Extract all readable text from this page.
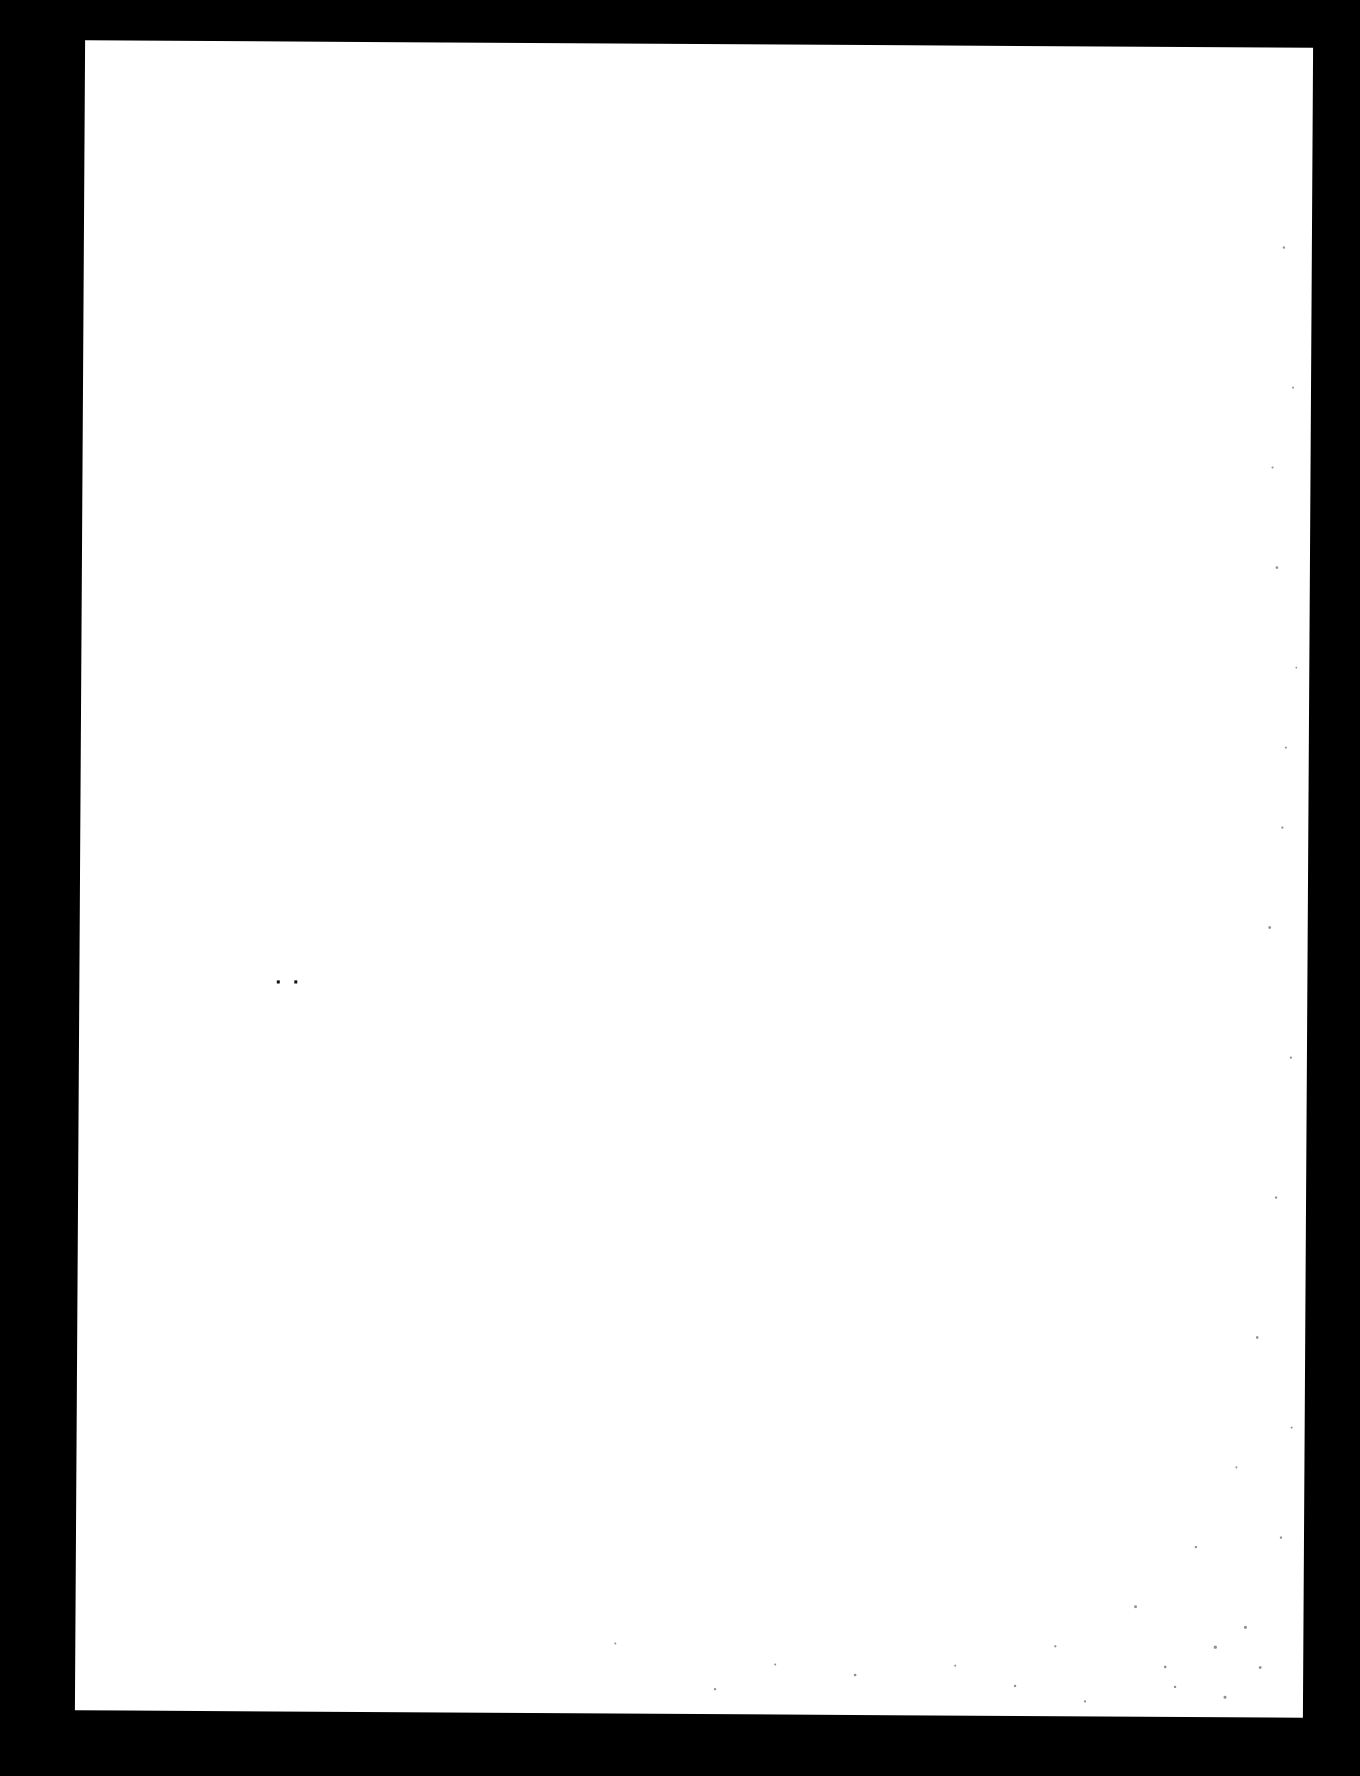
.  .
